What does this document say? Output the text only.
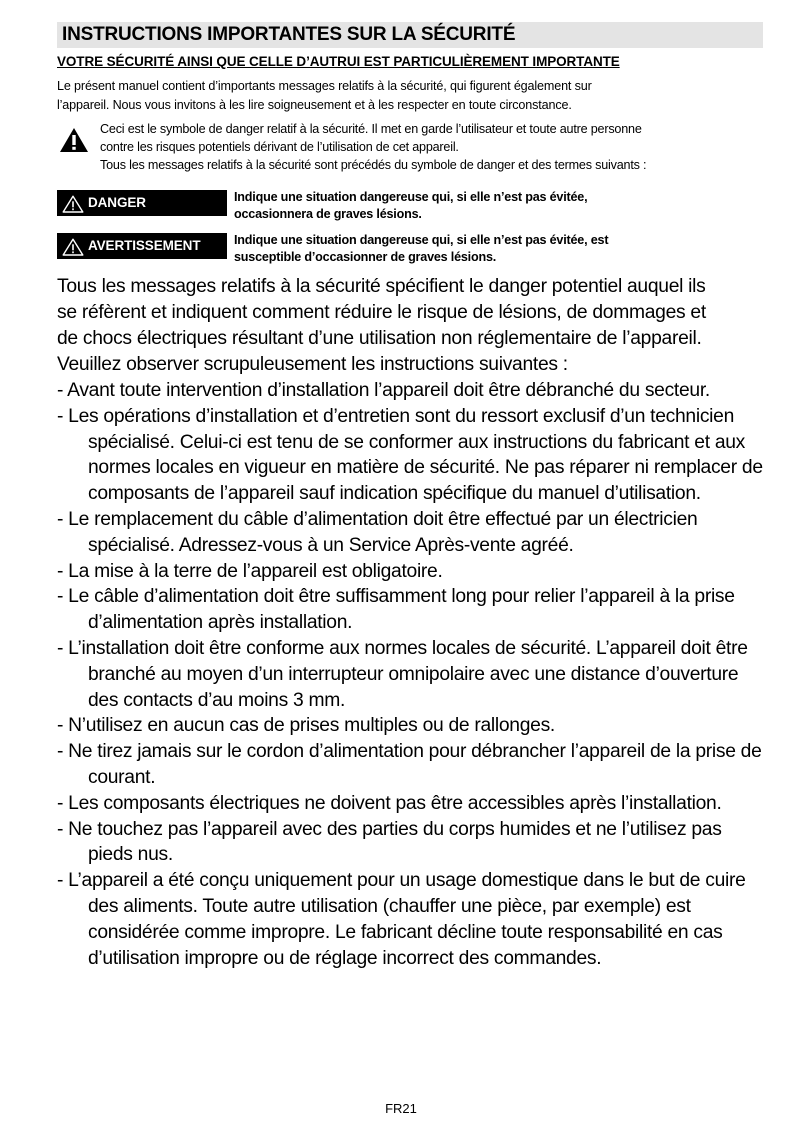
INSTRUCTIONS IMPORTANTES SUR LA SÉCURITÉ
VOTRE SÉCURITÉ AINSI QUE CELLE D’AUTRUI EST PARTICULIÈREMENT IMPORTANTE

Le présent manuel contient d’importants messages relatifs à la sécurité, qui figurent également sur

l’appareil. Nous vous invitons à les lire soigneusement et à les respecter en toute circonstance.

Ceci est le symbole de danger relatif à la sécurité. Il met en garde l’utilisateur et toute autre personne

contre les risques potentiels dérivant de l’utilisation de cet appareil.

Tous les messages relatifs à la sécurité sont précédés du symbole de danger et des termes suivants :

DANGER	Indique une situation dangereuse qui, si elle n’est pas évitée,
occasionnera de graves lésions.
AVERTISSEMENT	Indique une situation dangereuse qui, si elle n’est pas évitée, est
susceptible d’occasionner de graves lésions.

Tous les messages relatifs à la sécurité spécifient le danger potentiel auquel ils

se réfèrent et indiquent comment réduire le risque de lésions, de dommages et

de chocs électriques résultant d’une utilisation non réglementaire de l’appareil.

Veuillez observer scrupuleusement les instructions suivantes :

- Avant toute intervention d’installation l’appareil doit être débranché du secteur.
- Les opérations d’installation et d’entretien sont du ressort exclusif d’un technicien spécialisé. Celui-ci est tenu de se conformer aux instructions du fabricant et aux normes locales en vigueur en matière de sécurité. Ne pas réparer ni remplacer de composants de l’appareil sauf indication spécifique du manuel d’utilisation.
- Le remplacement du câble d’alimentation doit être effectué par un électricien spécialisé. Adressez-vous à un Service Après-vente agréé.
- La mise à la terre de l’appareil est obligatoire.
- Le câble d’alimentation doit être suffisamment long pour relier l’appareil à la prise d’alimentation après installation.
- L’installation doit être conforme aux normes locales de sécurité. L’appareil doit être branché au moyen d’un interrupteur omnipolaire avec une distance d’ouverture des contacts d’au moins 3 mm.
- N’utilisez en aucun cas de prises multiples ou de rallonges.
- Ne tirez jamais sur le cordon d’alimentation pour débrancher l’appareil de la prise de courant.
- Les composants électriques ne doivent pas être accessibles après l’installation.
- Ne touchez pas l’appareil avec des parties du corps humides et ne l’utilisez pas pieds nus.
- L’appareil a été conçu uniquement pour un usage domestique dans le but de cuire des aliments. Toute autre utilisation (chauffer une pièce, par exemple) est considérée comme impropre. Le fabricant décline toute responsabilité en cas d’utilisation impropre ou de réglage incorrect des commandes.
FR21
